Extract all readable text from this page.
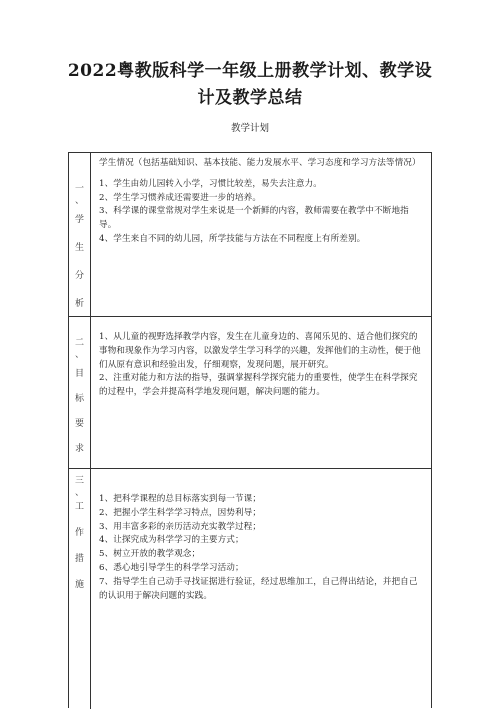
2022粤教版科学一年级上册教学计划、教学设计及教学总结
教学计划
一
、
学
生
分
析

学生情况（包括基础知识、基本技能、能力发展水平、学习态度和学习方法等情况）

1、学生由幼儿园转入小学，习惯比较差，易失去注意力。

2、学生学习惯养成还需要进一步的培养。

3、科学课的课堂常规对学生来说是一个新鲜的内容，教师需要在教学中不断地指导。

4、学生来自不同的幼儿园，所学技能与方法在不同程度上有所差别。

二
、
目
标
要
求

1、从儿童的视野选择教学内容，发生在儿童身边的、喜闻乐见的、适合他们探究的事物和现象作为学习内容，以激发学生学习科学的兴趣，发挥他们的主动性，便于他们从原有意识和经验出发，仔细观察，发现问题，展开研究。

2、注重对能力和方法的指导，强调掌握科学探究能力的重要性，使学生在科学探究的过程中，学会并提高科学地发现问题，解决问题的能力。

三
、
工
作
措
施

1、把科学课程的总目标落实到每一节课；

2、把握小学生科学学习特点，因势利导；

3、用丰富多彩的亲历活动充实教学过程；

4、让探究成为科学学习的主要方式；

5、树立开放的教学观念；

6、悉心地引导学生的科学学习活动；

7、指导学生自己动手寻找证据进行验证，经过思维加工，自己得出结论，并把自己的认识用于解决问题的实践。
